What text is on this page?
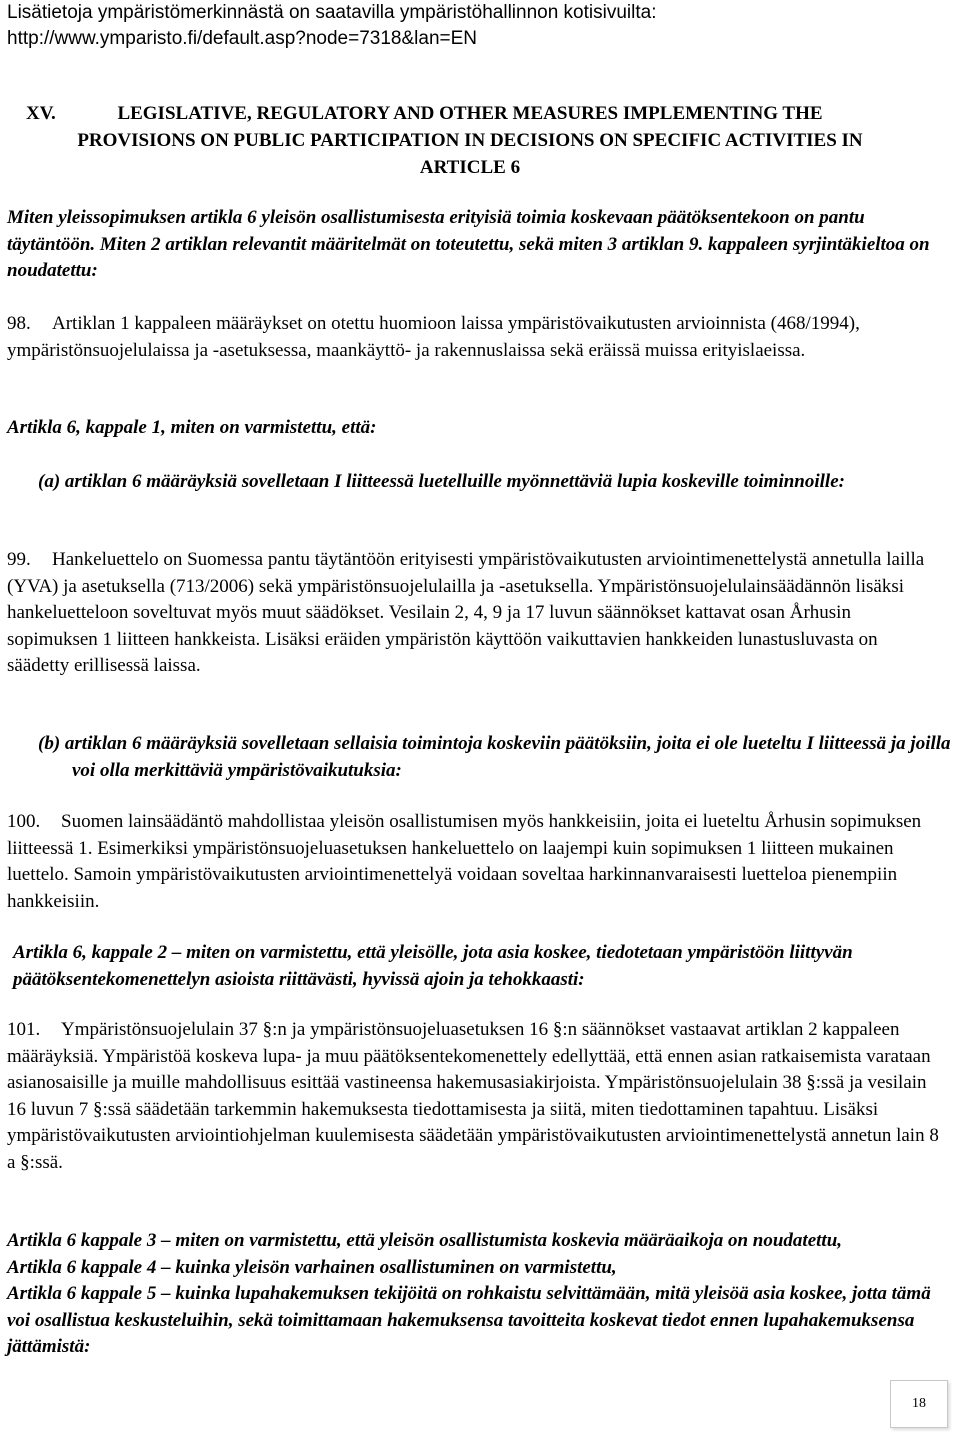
Lisätietoja ympäristömerkinnästä on saatavilla ympäristöhallinnon kotisivuilta:
http://www.ymparisto.fi/default.asp?node=7318&lan=EN
XV.	LEGISLATIVE, REGULATORY AND OTHER MEASURES IMPLEMENTING THE PROVISIONS ON PUBLIC PARTICIPATION IN DECISIONS ON SPECIFIC ACTIVITIES IN ARTICLE 6
Miten yleissopimuksen artikla 6 yleisön osallistumisesta erityisiä toimia koskevaan päätöksentekoon on pantu täytäntöön. Miten 2 artiklan relevantit määritelmät on toteutettu, sekä miten 3 artiklan 9. kappaleen syrjintäkieltoa on noudatettu:
98. Artiklan 1 kappaleen määräykset on otettu huomioon laissa ympäristövaikutusten arvioinnista (468/1994), ympäristönsuojelulaissa ja -asetuksessa, maankäyttö- ja rakennuslaissa sekä eräissä muissa erityislaeissa.
Artikla 6, kappale 1, miten on varmistettu, että:
(a) artiklan 6 määräyksiä sovelletaan I liitteessä luetelluille myönnettäviä lupia koskeville toiminnoille:
99. Hankeluettelo on Suomessa pantu täytäntöön erityisesti ympäristövaikutusten arviointimenettelystä annetulla lailla (YVA) ja asetuksella (713/2006) sekä ympäristönsuojelulailla ja -asetuksella. Ympäristönsuojelulainsäädännön lisäksi hankeluetteloon soveltuvat myös muut säädökset. Vesilain 2, 4, 9 ja 17 luvun säännökset kattavat osan Århusin sopimuksen 1 liitteen hankkeista. Lisäksi eräiden ympäristön käyttöön vaikuttavien hankkeiden lunastusluvasta on säädetty erillisessä laissa.
(b) artiklan 6 määräyksiä sovelletaan sellaisia toimintoja koskeviin päätöksiin, joita ei ole lueteltu I liitteessä ja joilla voi olla merkittäviä ympäristövaikutuksia:
100. Suomen lainsäädäntö mahdollistaa yleisön osallistumisen myös hankkeisiin, joita ei lueteltu Århusin sopimuksen liitteessä 1. Esimerkiksi ympäristönsuojeluasetuksen hankeluettelo on laajempi kuin sopimuksen 1 liitteen mukainen luettelo. Samoin ympäristövaikutusten arviointimenettelyä voidaan soveltaa harkinnanvaraisesti luetteloa pienempiin hankkeisiin.
Artikla 6, kappale 2 – miten on varmistettu, että yleisölle, jota asia koskee, tiedotetaan ympäristöön liittyvän päätöksentekomenettelyn asioista riittävästi, hyvissä ajoin ja tehokkaasti:
101. Ympäristönsuojelulain 37 §:n ja ympäristönsuojeluasetuksen 16 §:n säännökset vastaavat artiklan 2 kappaleen määräyksiä. Ympäristöä koskeva lupa- ja muu päätöksentekomenettely edellyttää, että ennen asian ratkaisemista varataan asianosaisille ja muille mahdollisuus esittää vastineensa hakemusasiakirjoista. Ympäristönsuojelulain 38 §:ssä ja vesilain 16 luvun 7 §:ssä säädetään tarkemmin hakemuksesta tiedottamisesta ja siitä, miten tiedottaminen tapahtuu. Lisäksi ympäristövaikutusten arviointiohjelman kuulemisesta säädetään ympäristövaikutusten arviointimenettelystä annetun lain 8 a §:ssä.
Artikla 6 kappale 3 – miten on varmistettu, että yleisön osallistumista koskevia määräaikoja on noudatettu,
Artikla 6 kappale 4 – kuinka yleisön varhainen osallistuminen on varmistettu,
Artikla 6 kappale 5 – kuinka lupahakemuksen tekijöitä on rohkaistu selvittämään, mitä yleisöä asia koskee, jotta tämä voi osallistua keskusteluihin, sekä toimittamaan hakemuksensa tavoitteita koskevat tiedot ennen lupahakemuksensa jättämistä:
18
